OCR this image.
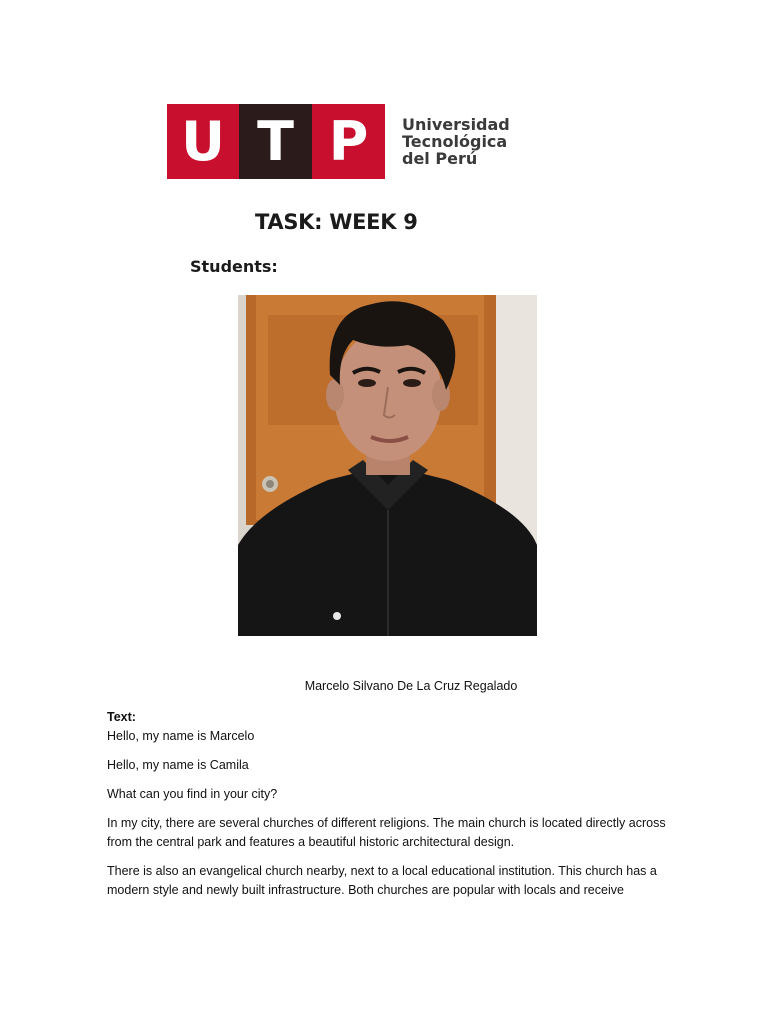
U T P	Universidad
Tecnológica
del Perú
TASK: WEEK 9
Students:
Marcelo Silvano De La Cruz Regalado
Text:

Hello, my name is Marcelo

Hello, my name is Camila

What can you find in your city?

In my city, there are several churches of different religions. The main church is located directly across from the central park and features a beautiful historic architectural design.

There is also an evangelical church nearby, next to a local educational institution. This church has a modern style and newly built infrastructure. Both churches are popular with locals and receive
